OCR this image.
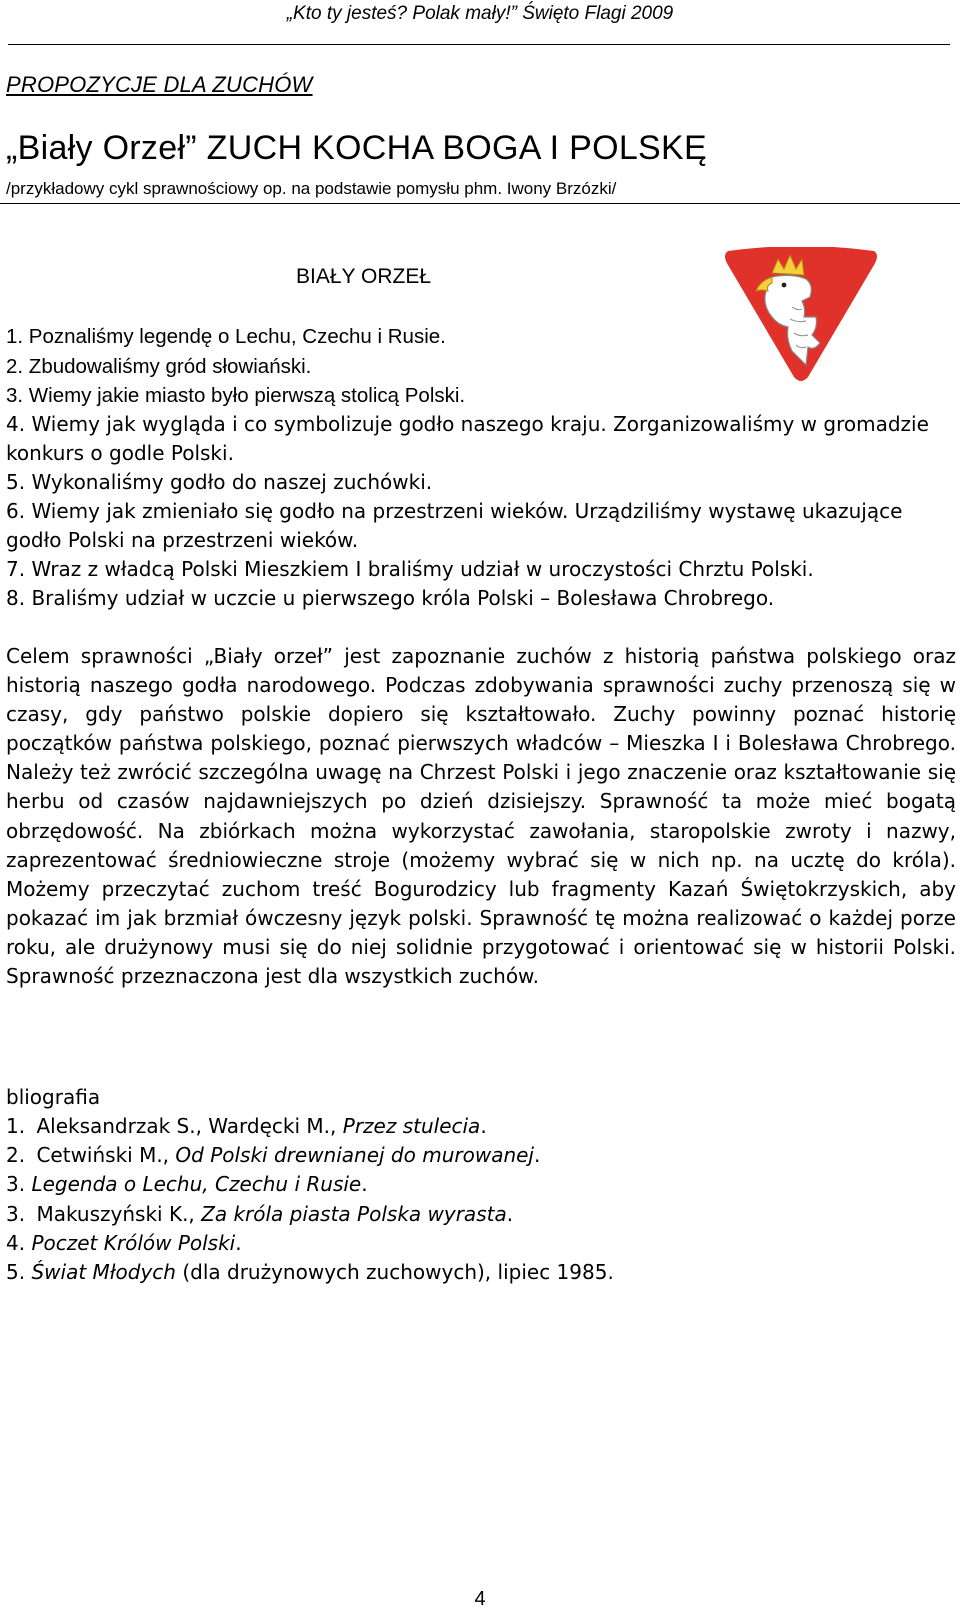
„Kto ty jesteś? Polak mały!” Święto Flagi 2009
PROPOZYCJE DLA ZUCHÓW
„Biały Orzeł” ZUCH KOCHA BOGA I POLSKĘ
/przykładowy cykl sprawnościowy op. na podstawie pomysłu phm. Iwony Brzózki/
BIAŁY ORZEŁ
1. Poznaliśmy legendę o Lechu, Czechu i Rusie.
2. Zbudowaliśmy gród słowiański.
3. Wiemy jakie miasto było pierwszą stolicą Polski.
4. Wiemy jak wygląda i co symbolizuje godło naszego kraju. Zorganizowaliśmy w gromadzie konkurs o godle Polski.
5. Wykonaliśmy godło do naszej zuchówki.
6. Wiemy jak zmieniało się godło na przestrzeni wieków. Urządziliśmy wystawę ukazujące godło Polski na przestrzeni wieków.
7. Wraz z władcą Polski Mieszkiem I braliśmy udział w uroczystości Chrztu Polski.
8. Braliśmy udział w uczcie u pierwszego króla Polski – Bolesława Chrobrego.

Celem sprawności „Biały orzeł” jest zapoznanie zuchów z historią państwa polskiego oraz historią naszego godła narodowego. Podczas zdobywania sprawności zuchy przenoszą się w czasy, gdy państwo polskie dopiero się kształtowało. Zuchy powinny poznać historię początków państwa polskiego, poznać pierwszych władców – Mieszka I i Bolesława Chrobrego. Należy też zwrócić szczególna uwagę na Chrzest Polski i jego znaczenie oraz kształtowanie się herbu od czasów najdawniejszych po dzień dzisiejszy. Sprawność ta może mieć bogatą obrzędowość. Na zbiórkach można wykorzystać zawołania, staropolskie zwroty i nazwy, zaprezentować średniowieczne stroje (możemy wybrać się w nich np. na ucztę do króla). Możemy przeczytać zuchom treść Bogurodzicy lub fragmenty Kazań Świętokrzyskich, aby pokazać im jak brzmiał ówczesny język polski. Sprawność tę można realizować o każdej porze roku, ale drużynowy musi się do niej solidnie przygotować i orientować się w historii Polski. Sprawność przeznaczona jest dla wszystkich zuchów.

bliografia
1. Aleksandrzak S., Wardęcki M., Przez stulecia.
2. Cetwiński M., Od Polski drewnianej do murowanej.
3. Legenda o Lechu, Czechu i Rusie.
3. Makuszyński K., Za króla piasta Polska wyrasta.
4. Poczet Królów Polski.
5. Świat Młodych (dla drużynowych zuchowych), lipiec 1985.
4
